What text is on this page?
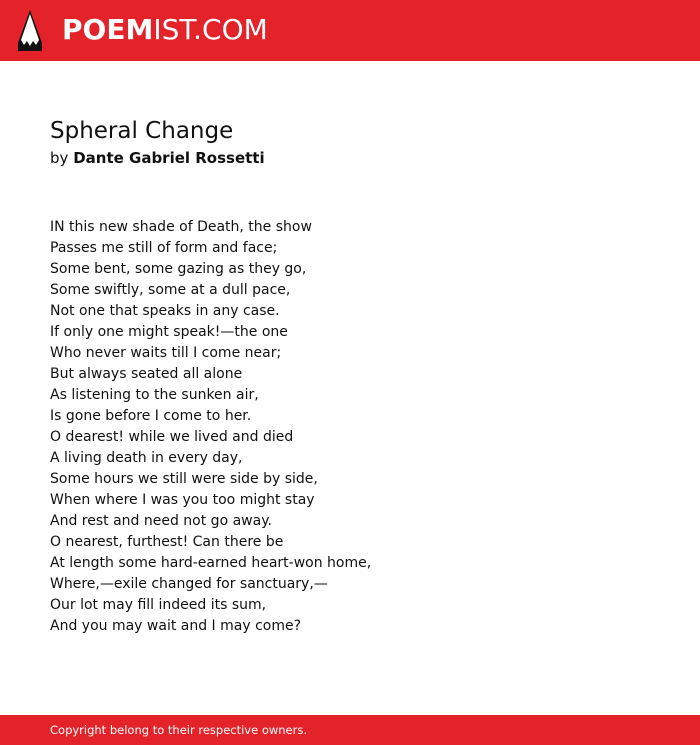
POEMIST.COM
Spheral Change
by Dante Gabriel Rossetti
IN this new shade of Death, the show
Passes me still of form and face;
Some bent, some gazing as they go,
Some swiftly, some at a dull pace,
Not one that speaks in any case.
If only one might speak!—the one
Who never waits till I come near;
But always seated all alone
As listening to the sunken air,
Is gone before I come to her.
O dearest! while we lived and died
A living death in every day,
Some hours we still were side by side,
When where I was you too might stay
And rest and need not go away.
O nearest, furthest! Can there be
At length some hard-earned heart-won home,
Where,—exile changed for sanctuary,—
Our lot may fill indeed its sum,
And you may wait and I may come?
Copyright belong to their respective owners.
